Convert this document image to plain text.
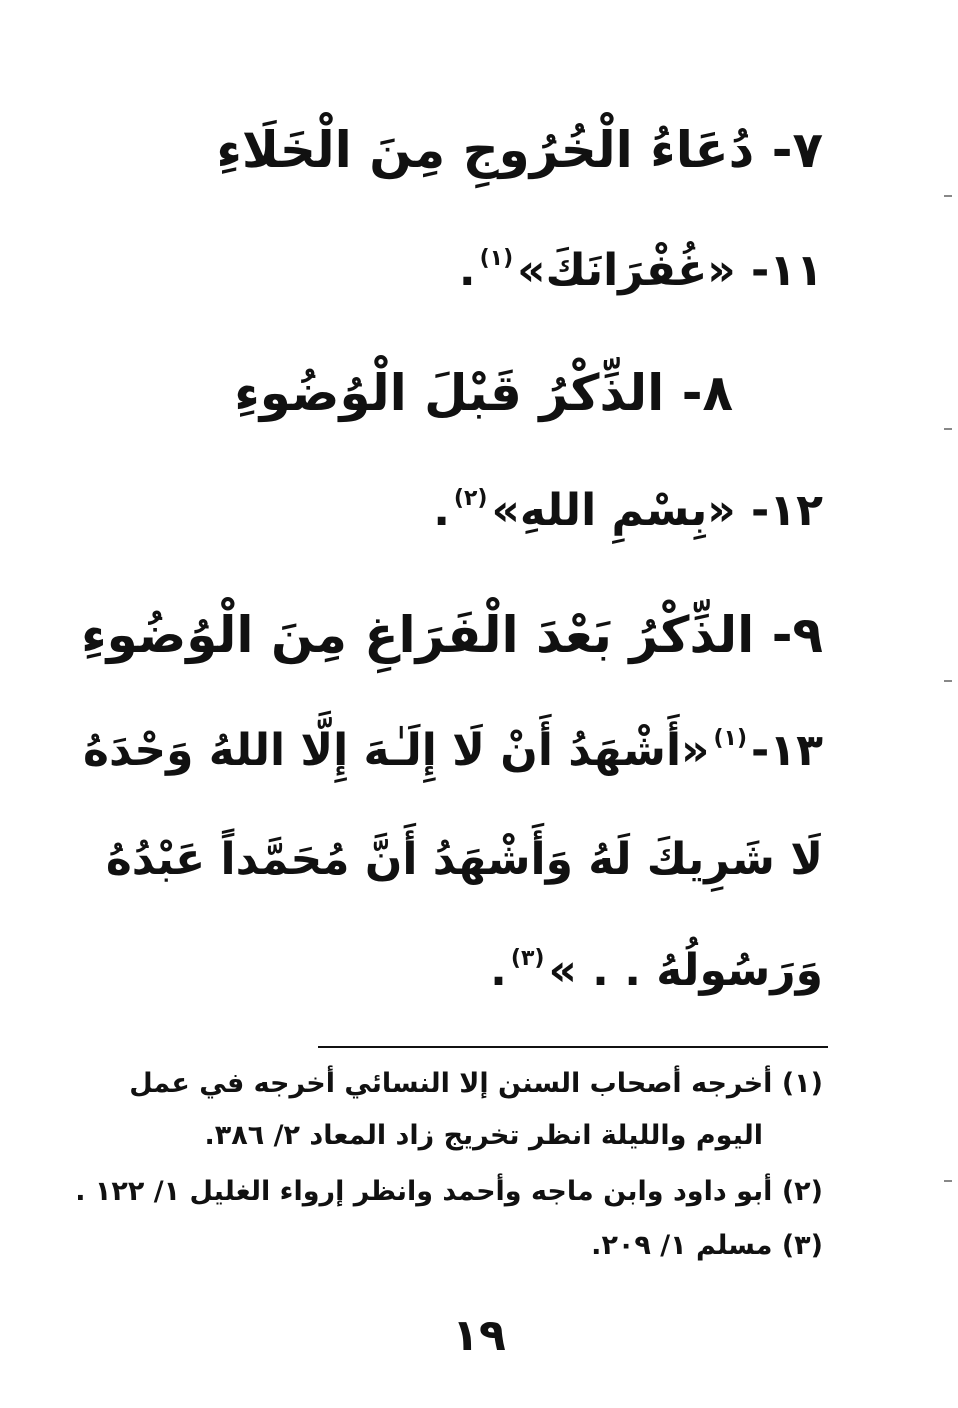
٧- دُعَاءُ الْخُرُوجِ مِنَ الْخَلَاءِ
١١- «غُفْرَانَكَ»$^{(١)}$.
٨- الذِّكْرُ قَبْلَ الْوُضُوءِ
١٢- «بِسْمِ اللهِ»$^{(٢)}$.
٩- الذِّكْرُ بَعْدَ الْفَرَاغِ مِنَ الْوُضُوءِ
١٣-$^{(١)}$«أَشْهَدُ أَنْ لَا إِلَـٰهَ إِلَّا اللهُ وَحْدَهُ
لَا شَرِيكَ لَهُ وَأَشْهَدُ أَنَّ مُحَمَّداً عَبْدُهُ
وَرَسُولُهُ . . »$^{(٣)}$.
(١) أخرجه أصحاب السنن إلا النسائي أخرجه في عمل
اليوم والليلة انظر تخريج زاد المعاد ٢/ ٣٨٦.
(٢) أبو داود وابن ماجه وأحمد وانظر إرواء الغليل ١/ ١٢٢ .
(٣) مسلم ١/ ٢٠٩.
١٩
